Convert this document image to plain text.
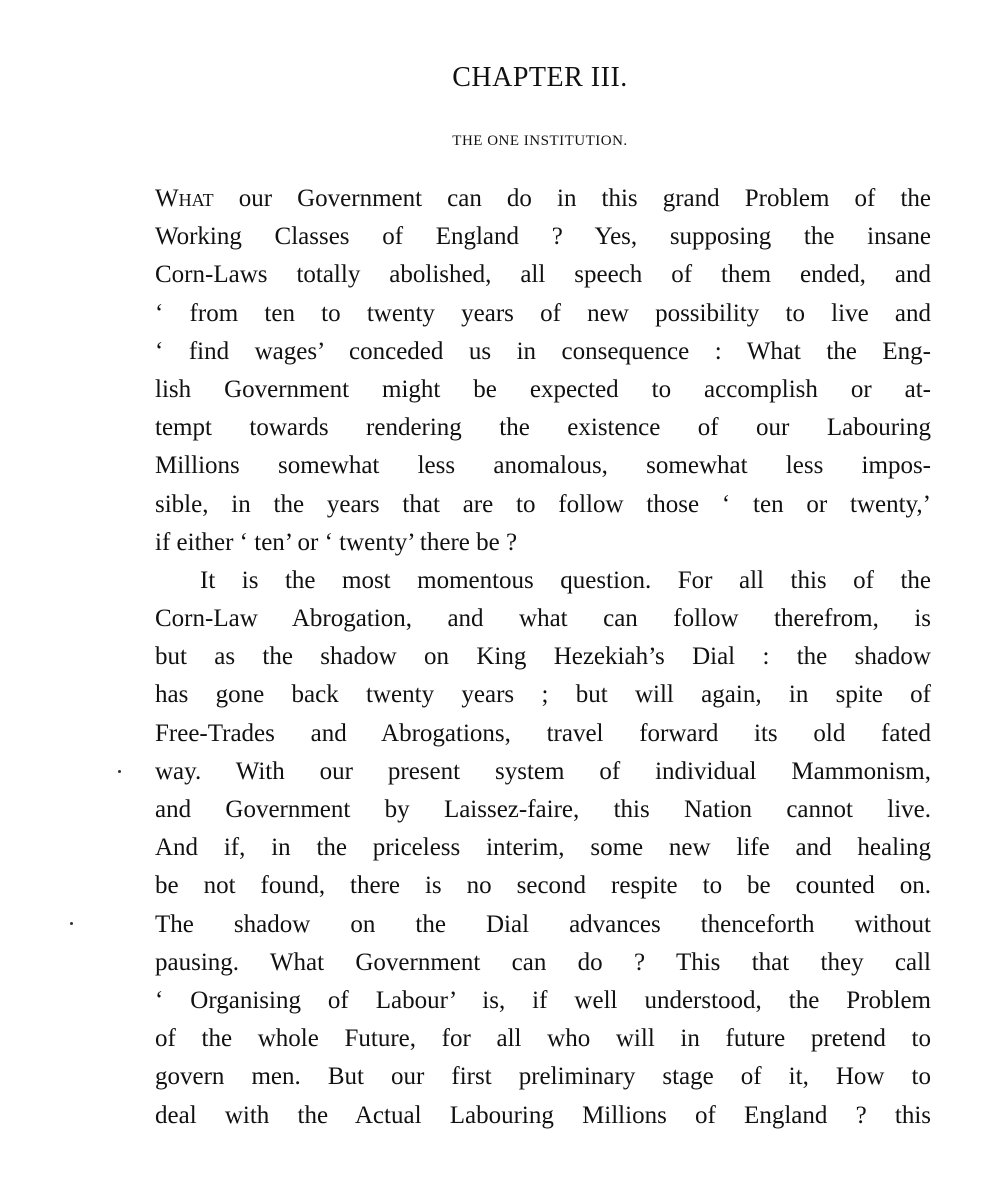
CHAPTER III.
THE ONE INSTITUTION.
What our Government can do in this grand Problem of the
Working Classes of England ? Yes, supposing the insane
Corn-Laws totally abolished, all speech of them ended, and
‘ from ten to twenty years of new possibility to live and
‘ find wages’ conceded us in consequence : What the Eng-
lish Government might be expected to accomplish or at-
tempt towards rendering the existence of our Labouring
Millions somewhat less anomalous, somewhat less impos-
sible, in the years that are to follow those ‘ ten or twenty,’
if either ‘ ten’ or ‘ twenty’ there be ?
It is the most momentous question. For all this of the
Corn-Law Abrogation, and what can follow therefrom, is
but as the shadow on King Hezekiah’s Dial : the shadow
has gone back twenty years ; but will again, in spite of
Free-Trades and Abrogations, travel forward its old fated
way. With our present system of individual Mammonism,
and Government by Laissez-faire, this Nation cannot live.
And if, in the priceless interim, some new life and healing
be not found, there is no second respite to be counted on.
The shadow on the Dial advances thenceforth without
pausing. What Government can do ? This that they call
‘ Organising of Labour’ is, if well understood, the Problem
of the whole Future, for all who will in future pretend to
govern men. But our first preliminary stage of it, How to
deal with the Actual Labouring Millions of England ? this
